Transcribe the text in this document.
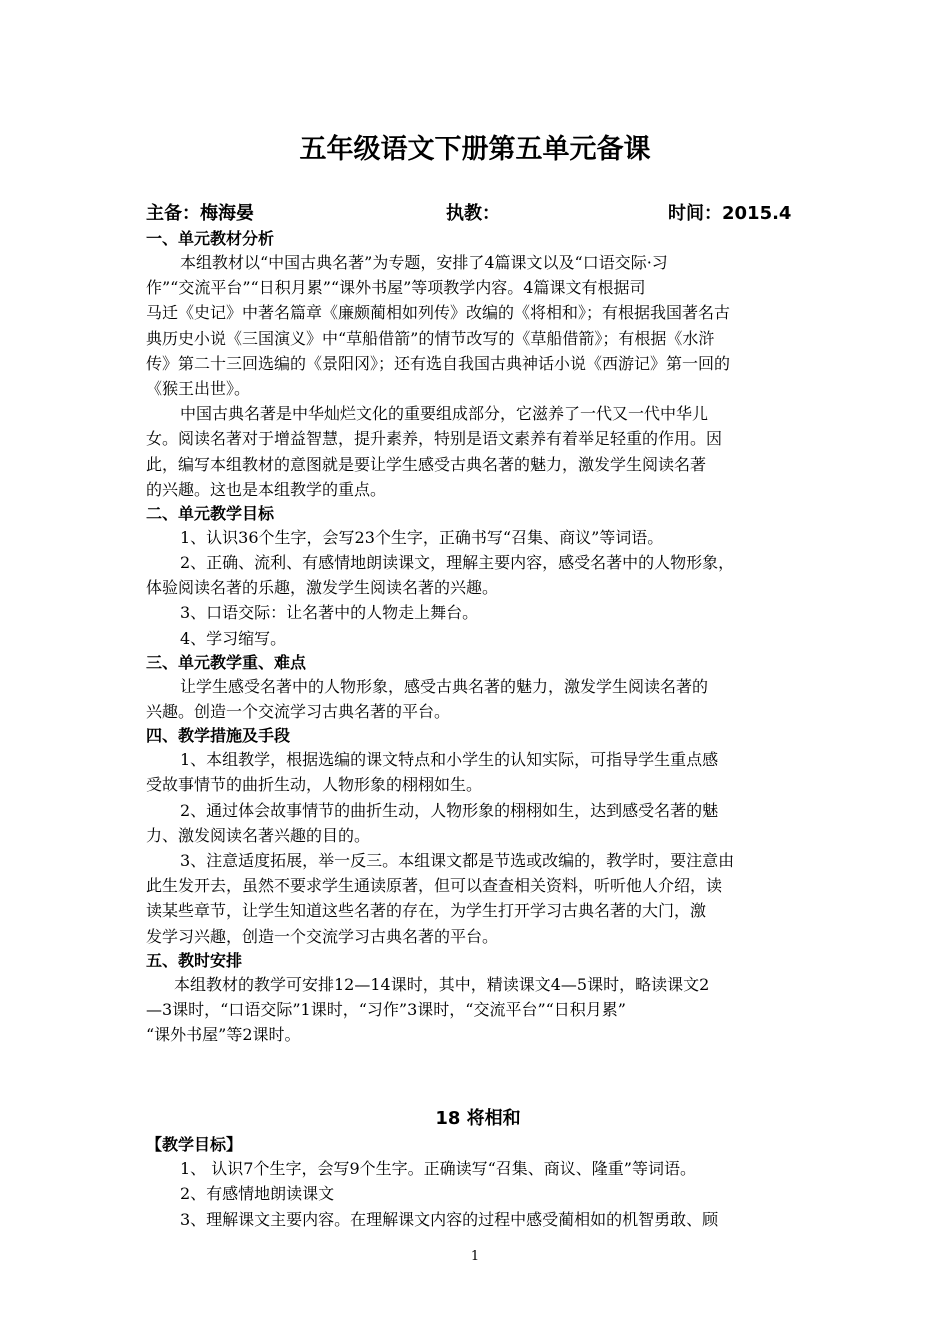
五年级语文下册第五单元备课
主备：梅海晏	执教：	时间：2015.4
一、单元教材分析
本组教材以“中国古典名著”为专题，安排了4篇课文以及“口语交际·习
作”“交流平台”“日积月累”“课外书屋”等项教学内容。4篇课文有根据司
马迁《史记》中著名篇章《廉颇蔺相如列传》改编的《将相和》；有根据我国著名古
典历史小说《三国演义》中“草船借箭”的情节改写的《草船借箭》；有根据《水浒
传》第二十三回选编的《景阳冈》；还有选自我国古典神话小说《西游记》第一回的
《猴王出世》。
中国古典名著是中华灿烂文化的重要组成部分，它滋养了一代又一代中华儿
女。阅读名著对于增益智慧，提升素养，特别是语文素养有着举足轻重的作用。因
此，编写本组教材的意图就是要让学生感受古典名著的魅力，激发学生阅读名著
的兴趣。这也是本组教学的重点。
二、单元教学目标
1、认识36个生字，会写23个生字，正确书写“召集、商议”等词语。
2、正确、流利、有感情地朗读课文，理解主要内容，感受名著中的人物形象，
体验阅读名著的乐趣，激发学生阅读名著的兴趣。
3、口语交际：让名著中的人物走上舞台。
4、学习缩写。
三、单元教学重、难点
让学生感受名著中的人物形象，感受古典名著的魅力，激发学生阅读名著的
兴趣。创造一个交流学习古典名著的平台。
四、教学措施及手段
1、本组教学，根据选编的课文特点和小学生的认知实际，可指导学生重点感
受故事情节的曲折生动，人物形象的栩栩如生。
2、通过体会故事情节的曲折生动，人物形象的栩栩如生，达到感受名著的魅
力、激发阅读名著兴趣的目的。
3、注意适度拓展，举一反三。本组课文都是节选或改编的，教学时，要注意由
此生发开去，虽然不要求学生通读原著，但可以查查相关资料，听听他人介绍，读
读某些章节，让学生知道这些名著的存在，为学生打开学习古典名著的大门，激
发学习兴趣，创造一个交流学习古典名著的平台。
五、教时安排
本组教材的教学可安排12—14课时，其中，精读课文4—5课时，略读课文2
—3课时，“口语交际”1课时，“习作”3课时，“交流平台”“日积月累”
“课外书屋”等2课时。
18 将相和
【教学目标】
1、 认识7个生字，会写9个生字。正确读写“召集、商议、隆重”等词语。
2、有感情地朗读课文
3、理解课文主要内容。在理解课文内容的过程中感受蔺相如的机智勇敢、顾
1
